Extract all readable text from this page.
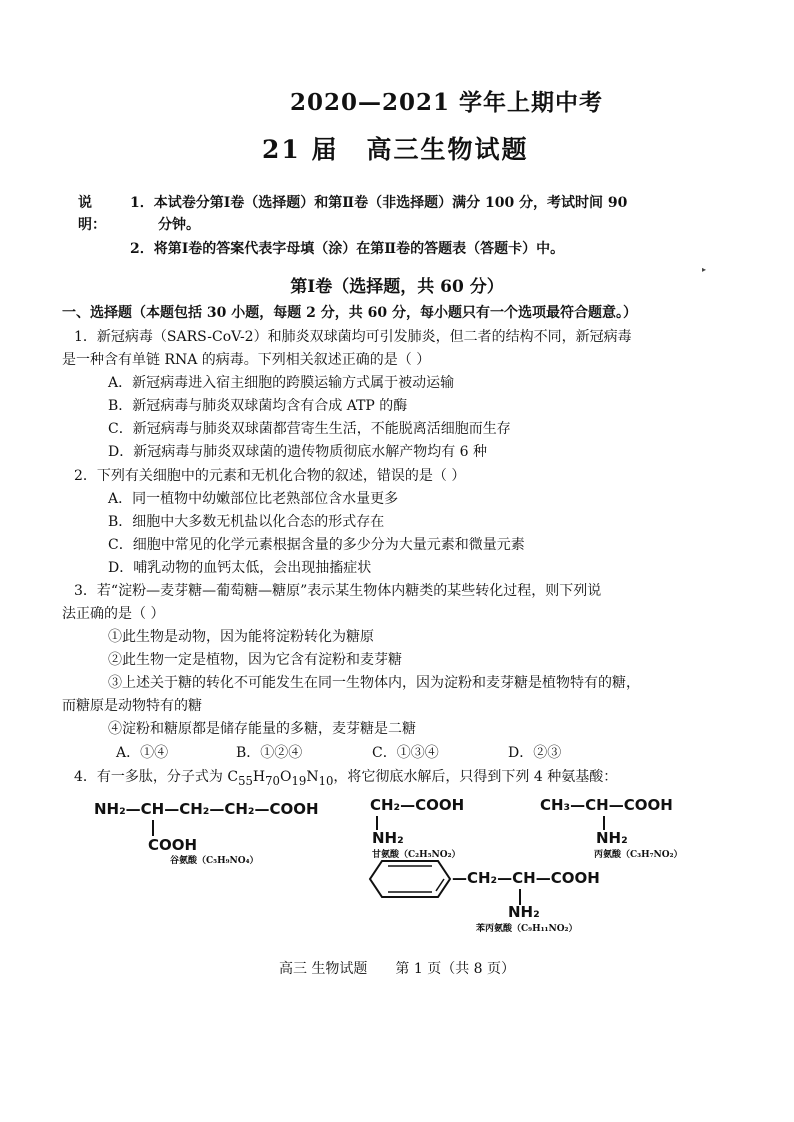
2020—2021 学年上期中考
21 届 高三生物试题
说明：
1．本试卷分第Ⅰ卷（选择题）和第Ⅱ卷（非选择题）满分 100 分，考试时间 90
分钟。
2．将第Ⅰ卷的答案代表字母填（涂）在第Ⅱ卷的答题表（答题卡）中。
▸
第Ⅰ卷（选择题，共 60 分）
一、选择题（本题包括 30 小题，每题 2 分，共 60 分，每小题只有一个选项最符合题意。）
1．新冠病毒（SARS-CoV-2）和肺炎双球菌均可引发肺炎，但二者的结构不同，新冠病毒
是一种含有单链 RNA 的病毒。下列相关叙述正确的是（ ）
A．新冠病毒进入宿主细胞的跨膜运输方式属于被动运输
B．新冠病毒与肺炎双球菌均含有合成 ATP 的酶
C．新冠病毒与肺炎双球菌都营寄生生活，不能脱离活细胞而生存
D．新冠病毒与肺炎双球菌的遗传物质彻底水解产物均有 6 种
2．下列有关细胞中的元素和无机化合物的叙述，错误的是（ ）
A．同一植物中幼嫩部位比老熟部位含水量更多
B．细胞中大多数无机盐以化合态的形式存在
C．细胞中常见的化学元素根据含量的多少分为大量元素和微量元素
D．哺乳动物的血钙太低，会出现抽搐症状
3．若“淀粉—麦芽糖—葡萄糖—糖原”表示某生物体内糖类的某些转化过程，则下列说
法正确的是（ ）
①此生物是动物，因为能将淀粉转化为糖原
②此生物一定是植物，因为它含有淀粉和麦芽糖
③上述关于糖的转化不可能发生在同一生物体内，因为淀粉和麦芽糖是植物特有的糖，
而糖原是动物特有的糖
④淀粉和糖原都是储存能量的多糖，麦芽糖是二糖
A．①④	B．①②④	C．①③④	D．②③
4．有一多肽，分子式为 $C_{55}H_{70}O_{19}N_{10}$，将它彻底水解后，只得到下列 4 种氨基酸：
NH₂—CH—CH₂—CH₂—COOH
COOH
谷氨酸（C₅H₉NO₄）
CH₂—COOH
NH₂
甘氨酸（C₂H₅NO₂）
CH₃—CH—COOH
NH₂
丙氨酸（C₃H₇NO₂）
—CH₂—CH—COOH
NH₂
苯丙氨酸（C₉H₁₁NO₂）
高三 生物试题　　第 1 页（共 8 页）
